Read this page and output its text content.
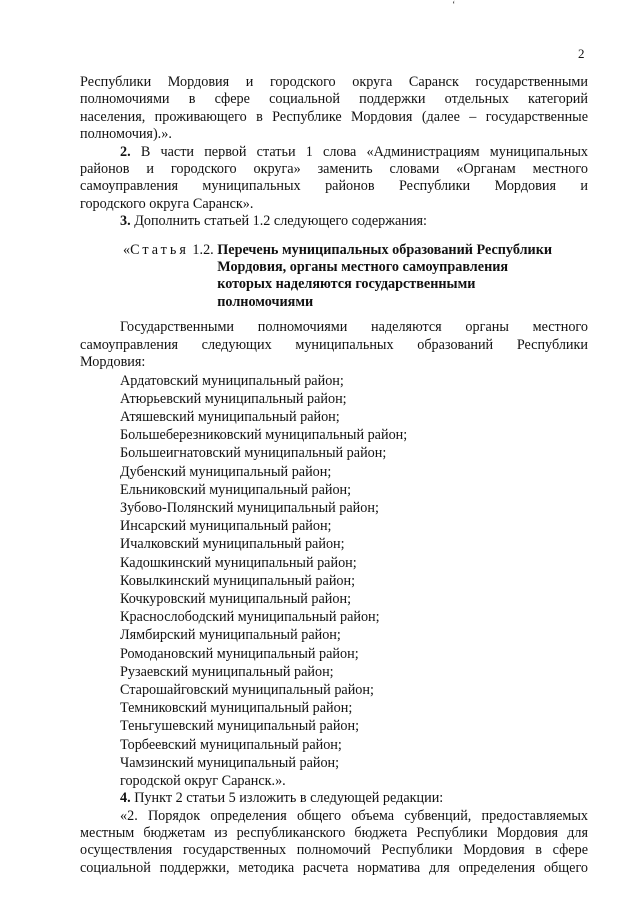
ʻ
2
Республики Мордовия и городского округа Саранск государственными
полномочиями в сфере социальной поддержки отдельных категорий
населения, проживающего в Республике Мордовия (далее – государственные
полномочия).».
2. В части первой статьи 1 слова «Администрациям муниципальных
районов и городского округа» заменить словами «Органам местного
самоуправления муниципальных районов Республики Мордовия и
городского округа Саранск».
3. Дополнить статьей 1.2 следующего содержания:
«Статья 1.2. Перечень муниципальных образований Республики
Мордовия, органы местного самоуправления
которых наделяются государственными
полномочиями
Государственными полномочиями наделяются органы местного
самоуправления следующих муниципальных образований Республики
Мордовия:
Ардатовский муниципальный район;
Атюрьевский муниципальный район;
Атяшевский муниципальный район;
Большеберезниковский муниципальный район;
Большеигнатовский муниципальный район;
Дубенский муниципальный район;
Ельниковский муниципальный район;
Зубово-Полянский муниципальный район;
Инсарский муниципальный район;
Ичалковский муниципальный район;
Кадошкинский муниципальный район;
Ковылкинский муниципальный район;
Кочкуровский муниципальный район;
Краснослободский муниципальный район;
Лямбирский муниципальный район;
Ромодановский муниципальный район;
Рузаевский муниципальный район;
Старошайговский муниципальный район;
Темниковский муниципальный район;
Теньгушевский муниципальный район;
Торбеевский муниципальный район;
Чамзинский муниципальный район;
городской округ Саранск.».
4. Пункт 2 статьи 5 изложить в следующей редакции:
«2. Порядок определения общего объема субвенций, предоставляемых
местным бюджетам из республиканского бюджета Республики Мордовия для
осуществления государственных полномочий Республики Мордовия в сфере
социальной поддержки, методика расчета норматива для определения общего
